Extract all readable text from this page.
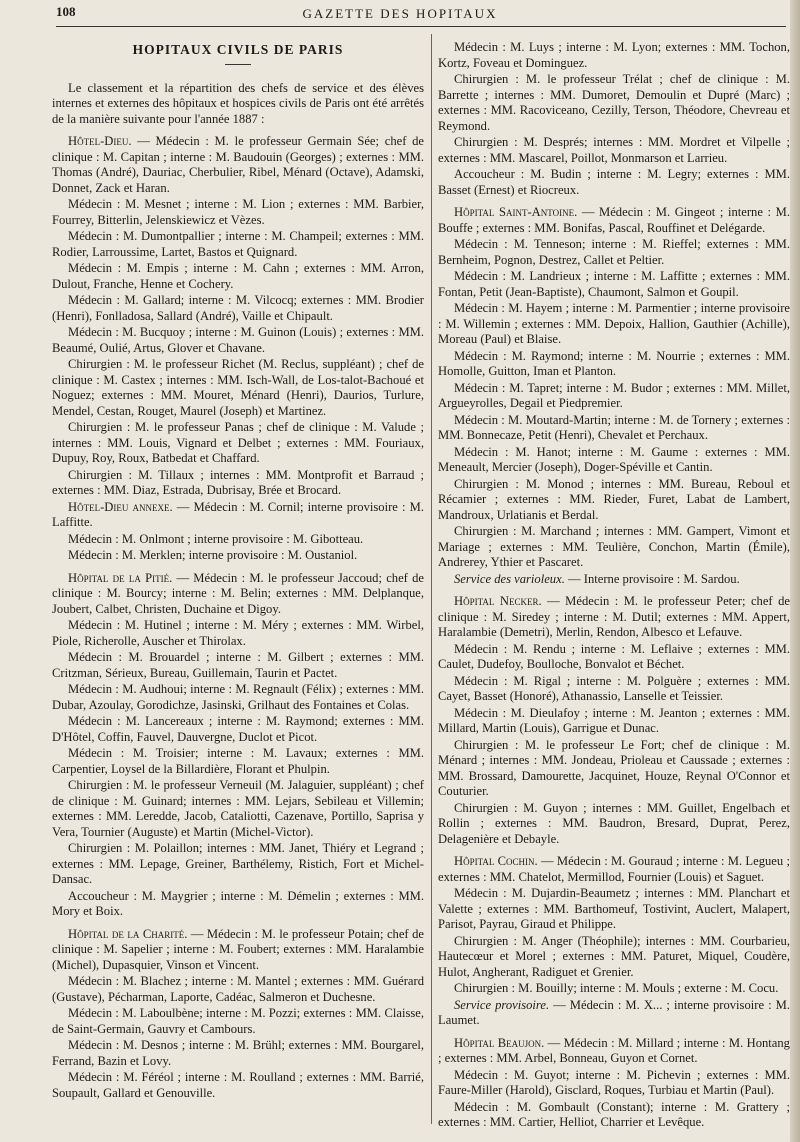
108	GAZETTE DES HOPITAUX
HOPITAUX CIVILS DE PARIS

Le classement et la répartition des chefs de service et des élèves internes et externes des hôpitaux et hospices civils de Paris ont été arrêtés de la manière suivante pour l'année 1887 :

Hôtel-Dieu. — Médecin : M. le professeur Germain Sée; chef de clinique : M. Capitan ; interne : M. Baudouin (Georges) ; externes : MM. Thomas (André), Dauriac, Cherbulier, Ribel, Ménard (Octave), Adamski, Donnet, Zack et Haran.

Médecin : M. Mesnet ; interne : M. Lion ; externes : MM. Barbier, Fourrey, Bitterlin, Jelenskiewicz et Vèzes.

Médecin : M. Dumontpallier ; interne : M. Champeil; externes : MM. Rodier, Larroussime, Lartet, Bastos et Quignard.

Médecin : M. Empis ; interne : M. Cahn ; externes : MM. Arron, Dulout, Franche, Henne et Cochery.

Médecin : M. Gallard; interne : M. Vilcocq; externes : MM. Brodier (Henri), Fonlladosa, Sallard (André), Vaille et Chipault.

Médecin : M. Bucquoy ; interne : M. Guinon (Louis) ; externes : MM. Beaumé, Oulié, Artus, Glover et Chavane.

Chirurgien : M. le professeur Richet (M. Reclus, suppléant) ; chef de clinique : M. Castex ; internes : MM. Isch-Wall, de Los-talot-Bachoué et Noguez; externes : MM. Mouret, Ménard (Henri), Daurios, Turlure, Mendel, Cestan, Rouget, Maurel (Joseph) et Martinez.

Chirurgien : M. le professeur Panas ; chef de clinique : M. Valude ; internes : MM. Louis, Vignard et Delbet ; externes : MM. Fouriaux, Dupuy, Roy, Roux, Batbedat et Chaffard.

Chirurgien : M. Tillaux ; internes : MM. Montprofit et Barraud ; externes : MM. Diaz, Estrada, Dubrisay, Brée et Brocard.

Hôtel-Dieu annexe. — Médecin : M. Cornil; interne provisoire : M. Laffitte.

Médecin : M. Onlmont ; interne provisoire : M. Gibotteau.

Médecin : M. Merklen; interne provisoire : M. Oustaniol.

Hôpital de la Pitié. — Médecin : M. le professeur Jaccoud; chef de clinique : M. Bourcy; interne : M. Belin; externes : MM. Delplanque, Joubert, Calbet, Christen, Duchaine et Digoy.

Médecin : M. Hutinel ; interne : M. Méry ; externes : MM. Wirbel, Piole, Richerolle, Auscher et Thirolax.

Médecin : M. Brouardel ; interne : M. Gilbert ; externes : MM. Critzman, Sérieux, Bureau, Guillemain, Taurin et Pactet.

Médecin : M. Audhoui; interne : M. Regnault (Félix) ; externes : MM. Dubar, Azoulay, Gorodichze, Jasinski, Grilhaut des Fontaines et Colas.

Médecin : M. Lancereaux ; interne : M. Raymond; externes : MM. D'Hôtel, Coffin, Fauvel, Dauvergne, Duclot et Picot.

Médecin : M. Troisier; interne : M. Lavaux; externes : MM. Carpentier, Loysel de la Billardière, Florant et Phulpin.

Chirurgien : M. le professeur Verneuil (M. Jalaguier, suppléant) ; chef de clinique : M. Guinard; internes : MM. Lejars, Sebileau et Villemin; externes : MM. Leredde, Jacob, Cataliotti, Cazenave, Portillo, Saprisa y Vera, Tournier (Auguste) et Martin (Michel-Victor).

Chirurgien : M. Polaillon; internes : MM. Janet, Thiéry et Legrand ; externes : MM. Lepage, Greiner, Barthélemy, Ristich, Fort et Michel-Dansac.

Accoucheur : M. Maygrier ; interne : M. Démelin ; externes : MM. Mory et Boix.

Hôpital de la Charité. — Médecin : M. le professeur Potain; chef de clinique : M. Sapelier ; interne : M. Foubert; externes : MM. Haralambie (Michel), Dupasquier, Vinson et Vincent.

Médecin : M. Blachez ; interne : M. Mantel ; externes : MM. Guérard (Gustave), Pécharman, Laporte, Cadéac, Salmeron et Duchesne.

Médecin : M. Laboulbène; interne : M. Pozzi; externes : MM. Claisse, de Saint-Germain, Gauvry et Cambours.

Médecin : M. Desnos ; interne : M. Brühl; externes : MM. Bourgarel, Ferrand, Bazin et Lovy.

Médecin : M. Féréol ; interne : M. Roulland ; externes : MM. Barrié, Soupault, Gallard et Genouville.

Médecin : M. Luys ; interne : M. Lyon; externes : MM. Tochon, Kortz, Foveau et Dominguez.

Chirurgien : M. le professeur Trélat ; chef de clinique : M. Barrette ; internes : MM. Dumoret, Demoulin et Dupré (Marc) ; externes : MM. Racoviceano, Cezilly, Terson, Théodore, Chevreau et Reymond.

Chirurgien : M. Després; internes : MM. Mordret et Vilpelle ; externes : MM. Mascarel, Poillot, Monmarson et Larrieu.

Accoucheur : M. Budin ; interne : M. Legry; externes : MM. Basset (Ernest) et Riocreux.

Hôpital Saint-Antoine. — Médecin : M. Gingeot ; interne : M. Bouffe ; externes : MM. Bonifas, Pascal, Rouffinet et Delégarde.

Médecin : M. Tenneson; interne : M. Rieffel; externes : MM. Bernheim, Pognon, Destrez, Callet et Peltier.

Médecin : M. Landrieux ; interne : M. Laffitte ; externes : MM. Fontan, Petit (Jean-Baptiste), Chaumont, Salmon et Goupil.

Médecin : M. Hayem ; interne : M. Parmentier ; interne provisoire : M. Willemin ; externes : MM. Depoix, Hallion, Gauthier (Achille), Moreau (Paul) et Blaise.

Médecin : M. Raymond; interne : M. Nourrie ; externes : MM. Homolle, Guitton, Iman et Planton.

Médecin : M. Tapret; interne : M. Budor ; externes : MM. Millet, Argueyrolles, Degail et Piedpremier.

Médecin : M. Moutard-Martin; interne : M. de Tornery ; externes : MM. Bonnecaze, Petit (Henri), Chevalet et Perchaux.

Médecin : M. Hanot; interne : M. Gaume : externes : MM. Meneault, Mercier (Joseph), Doger-Spéville et Cantin.

Chirurgien : M. Monod ; internes : MM. Bureau, Reboul et Récamier ; externes : MM. Rieder, Furet, Labat de Lambert, Mandroux, Urlatianis et Berdal.

Chirurgien : M. Marchand ; internes : MM. Gampert, Vimont et Mariage ; externes : MM. Teulière, Conchon, Martin (Émile), Andrerey, Ythier et Pascaret.

Service des varioleux. — Interne provisoire : M. Sardou.

Hôpital Necker. — Médecin : M. le professeur Peter; chef de clinique : M. Siredey ; interne : M. Dutil; externes : MM. Appert, Haralambie (Demetri), Merlin, Rendon, Albesco et Lefauve.

Médecin : M. Rendu ; interne : M. Leflaive ; externes : MM. Caulet, Dudefoy, Boulloche, Bonvalot et Béchet.

Médecin : M. Rigal ; interne : M. Polguère ; externes : MM. Cayet, Basset (Honoré), Athanassio, Lanselle et Teissier.

Médecin : M. Dieulafoy ; interne : M. Jeanton ; externes : MM. Millard, Martin (Louis), Garrigue et Dunac.

Chirurgien : M. le professeur Le Fort; chef de clinique : M. Ménard ; internes : MM. Jondeau, Prioleau et Caussade ; externes : MM. Brossard, Damourette, Jacquinet, Houze, Reynal O'Connor et Couturier.

Chirurgien : M. Guyon ; internes : MM. Guillet, Engelbach et Rollin ; externes : MM. Baudron, Bresard, Duprat, Perez, Delagenière et Debayle.

Hôpital Cochin. — Médecin : M. Gouraud ; interne : M. Legueu ; externes : MM. Chatelot, Mermillod, Fournier (Louis) et Saguet.

Médecin : M. Dujardin-Beaumetz ; internes : MM. Planchart et Valette ; externes : MM. Barthomeuf, Tostivint, Auclert, Malapert, Parisot, Payrau, Giraud et Philippe.

Chirurgien : M. Anger (Théophile); internes : MM. Courbarieu, Hautecœur et Morel ; externes : MM. Paturet, Miquel, Coudère, Hulot, Angherant, Radiguet et Grenier.

Chirurgien : M. Bouilly; interne : M. Mouls ; externe : M. Cocu.

Service provisoire. — Médecin : M. X... ; interne provisoire : M. Laumet.

Hôpital Beaujon. — Médecin : M. Millard ; interne : M. Hontang ; externes : MM. Arbel, Bonneau, Guyon et Cornet.

Médecin : M. Guyot; interne : M. Pichevin ; externes : MM. Faure-Miller (Harold), Gisclard, Roques, Turbiau et Martin (Paul).

Médecin : M. Gombault (Constant); interne : M. Grattery ; externes : MM. Cartier, Helliot, Charrier et Levêque.
